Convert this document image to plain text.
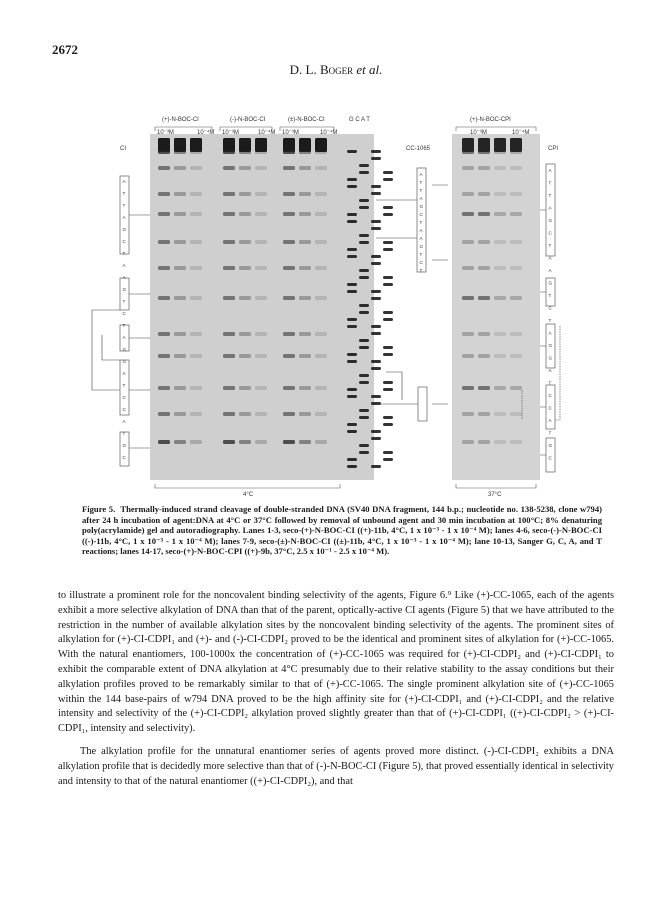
2672
D. L. Boger et al.
(+)-N-BOC-CI	(-)-N-BOC-CI	(±)-N-BOC-CI	G C A T	(+)-N-BOC-CPI
10⁻³M	10⁻⁴M 10⁻³M	10⁻⁴M 10⁻³M	10⁻⁴M	10⁻³M	10⁻⁴M
CI	CPI
CC-1065
A
T
T
A
G
C
T
A
A
G
T
C
T
A
G
G
A
T
C
C
A
T
G
C
A
T
T
A
G
C
T
A
A
G
T
C
T
A
T
T
A
G
C
T
A
A
G
T
C
T
A
G
G
A
T
C
C
A
T
G
C
4°C	37°C
Figure 5. Thermally-induced strand cleavage of double-stranded DNA (SV40 DNA fragment, 144 b.p.; nucleotide no. 138-5238, clone w794) after 24 h incubation of agent:DNA at 4°C or 37°C followed by removal of unbound agent and 30 min incubation at 100°C; 8% denaturing poly(acrylamide) gel and autoradiography. Lanes 1-3, seco-(+)-N-BOC-CI ((+)-11b, 4°C, 1 x 10⁻³ - 1 x 10⁻⁴ M); lanes 4-6, seco-(-)-N-BOC-CI ((-)-11b, 4°C, 1 x 10⁻³ - 1 x 10⁻⁴ M); lanes 7-9, seco-(±)-N-BOC-CI ((±)-11b, 4°C, 1 x 10⁻³ - 1 x 10⁻⁴ M); lane 10-13, Sanger G, C, A, and T reactions; lanes 14-17, seco-(+)-N-BOC-CPI ((+)-9b, 37°C, 2.5 x 10⁻¹ - 2.5 x 10⁻⁴ M).

to illustrate a prominent role for the noncovalent binding selectivity of the agents, Figure 6.⁹ Like (+)-CC-1065, each of the agents exhibit a more selective alkylation of DNA than that of the parent, optically-active CI agents (Figure 5) that we have attributed to the restriction in the number of available alkylation sites by the noncovalent binding selectivity of the agents. The prominent sites of alkylation for (+)-CI-CDPI₁ and (+)- and (-)-CI-CDPI₂ proved to be the identical and prominent sites of alkylation for (+)-CC-1065. With the natural enantiomers, 100-1000x the concentration of (+)-CC-1065 was required for (+)-CI-CDPI₂ and (+)-CI-CDPI₁ to exhibit the comparable extent of DNA alkylation at 4°C presumably due to their relative stability to the assay conditions but their alkylation profiles proved to be remarkably similar to that of (+)-CC-1065. The single prominent alkylation site of (+)-CC-1065 within the 144 base-pairs of w794 DNA proved to be the high affinity site for (+)-CI-CDPI₁ and (+)-CI-CDPI₂ and the relative intensity and selectivity of the (+)-CI-CDPI₂ alkylation proved slightly greater than that of (+)-CI-CDPI₁ ((+)-CI-CDPI₂ > (+)-CI-CDPI₁, intensity and selectivity).

The alkylation profile for the unnatural enantiomer series of agents proved more distinct. (-)-CI-CDPI₂ exhibits a DNA alkylation profile that is decidedly more selective than that of (-)-N-BOC-CI (Figure 5), that proved essentially identical in selectivity and intensity to that of the natural enantiomer ((+)-CI-CDPI₂), and that
